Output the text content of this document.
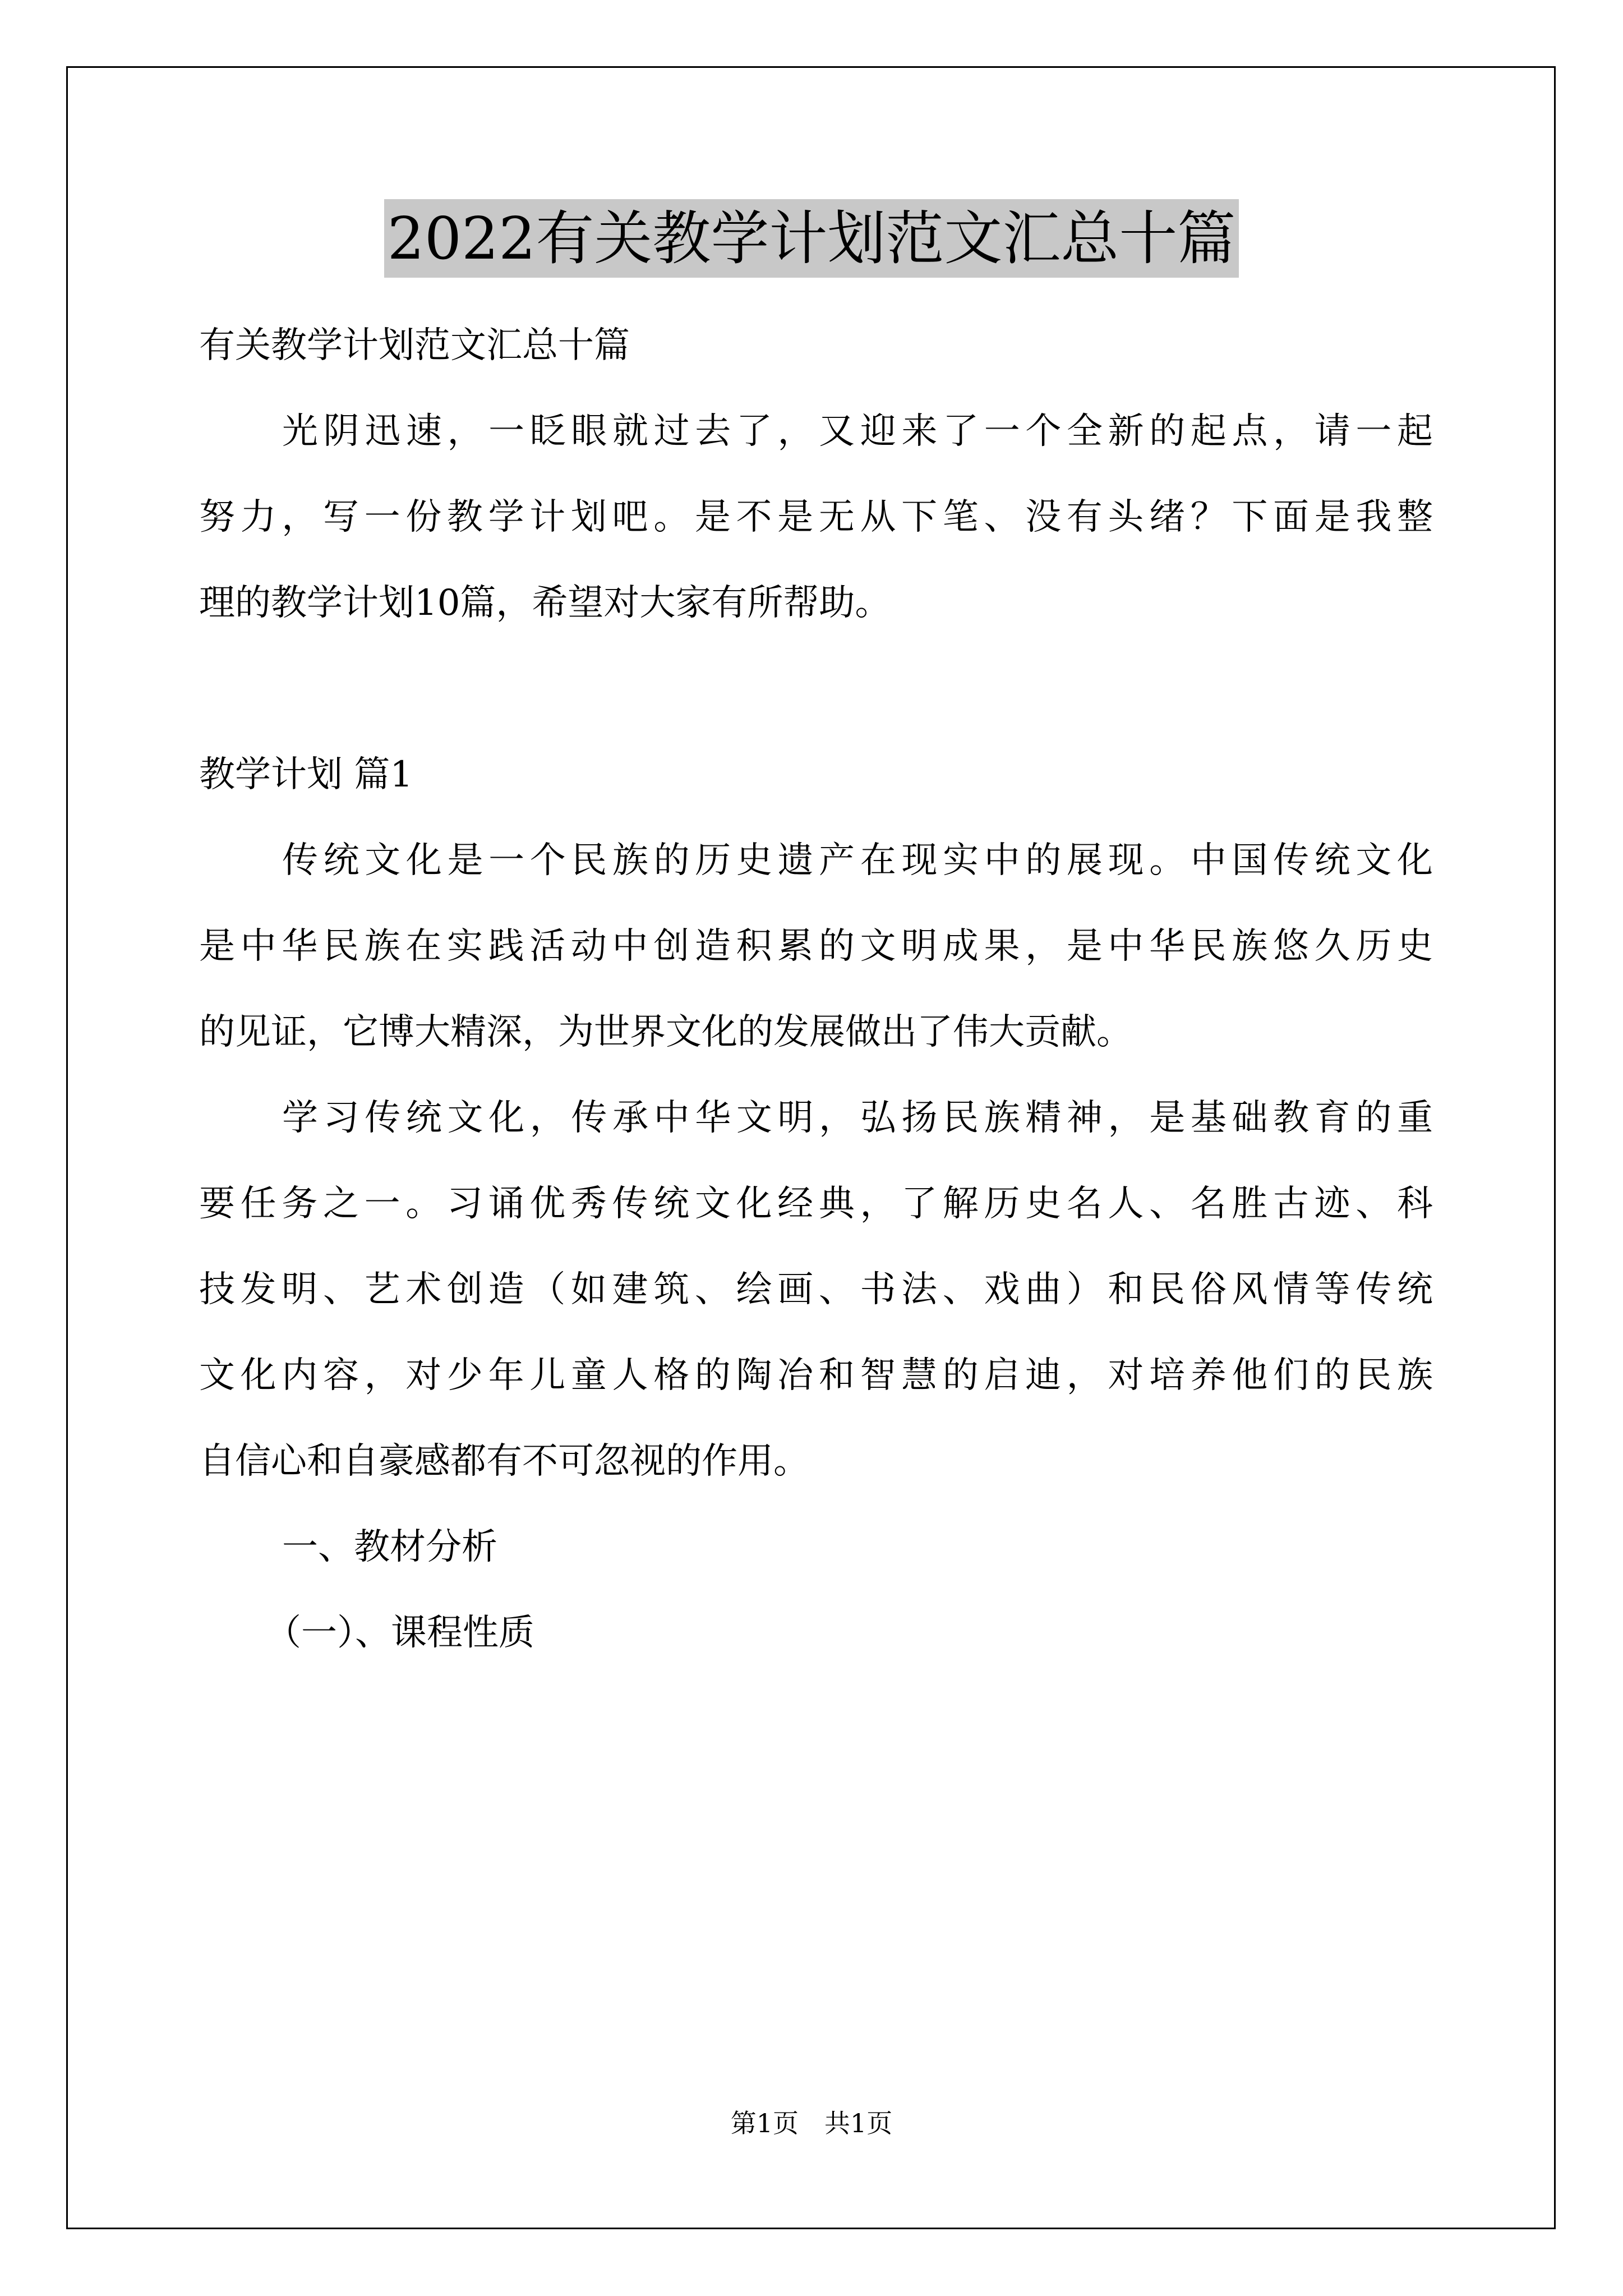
2022有关教学计划范文汇总十篇
有关教学计划范文汇总十篇
光阴迅速，一眨眼就过去了，又迎来了一个全新的起点，请一起
努力，写一份教学计划吧。是不是无从下笔、没有头绪？下面是我整
理的教学计划10篇，希望对大家有所帮助。
教学计划 篇1
传统文化是一个民族的历史遗产在现实中的展现。中国传统文化
是中华民族在实践活动中创造积累的文明成果，是中华民族悠久历史
的见证，它博大精深，为世界文化的发展做出了伟大贡献。
学习传统文化，传承中华文明，弘扬民族精神，是基础教育的重
要任务之一。习诵优秀传统文化经典，了解历史名人、名胜古迹、科
技发明、艺术创造（如建筑、绘画、书法、戏曲）和民俗风情等传统
文化内容，对少年儿童人格的陶冶和智慧的启迪，对培养他们的民族
自信心和自豪感都有不可忽视的作用。
一、教材分析
（一）、课程性质
第1页　共1页
